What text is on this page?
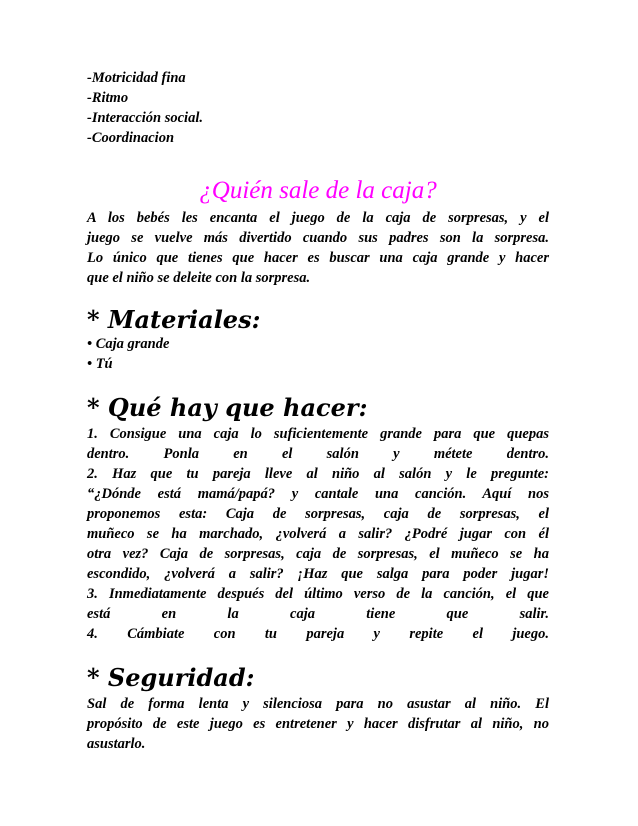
-Motricidad fina
-Ritmo
-Interacción social.
-Coordinacion
¿Quién sale de la caja?
A los bebés les encanta el juego de la caja de sorpresas, y el
juego se vuelve más divertido cuando sus padres son la sorpresa.
Lo único que tienes que hacer es buscar una caja grande y hacer
que el niño se deleite con la sorpresa.
* Materiales:
• Caja grande
• Tú
* Qué hay que hacer:
1. Consigue una caja lo suficientemente grande para que quepas
dentro. Ponla en el salón y métete dentro.
2. Haz que tu pareja lleve al niño al salón y le pregunte:
“¿Dónde está mamá/papá? y cantale una canción. Aquí nos
proponemos esta: Caja de sorpresas, caja de sorpresas, el
muñeco se ha marchado, ¿volverá a salir? ¿Podré jugar con él
otra vez? Caja de sorpresas, caja de sorpresas, el muñeco se ha
escondido, ¿volverá a salir? ¡Haz que salga para poder jugar!
3. Inmediatamente después del último verso de la canción, el que
está en la caja tiene que salir.
4. Cámbiate con tu pareja y repite el juego.
* Seguridad:
Sal de forma lenta y silenciosa para no asustar al niño. El
propósito de este juego es entretener y hacer disfrutar al niño, no
asustarlo.
